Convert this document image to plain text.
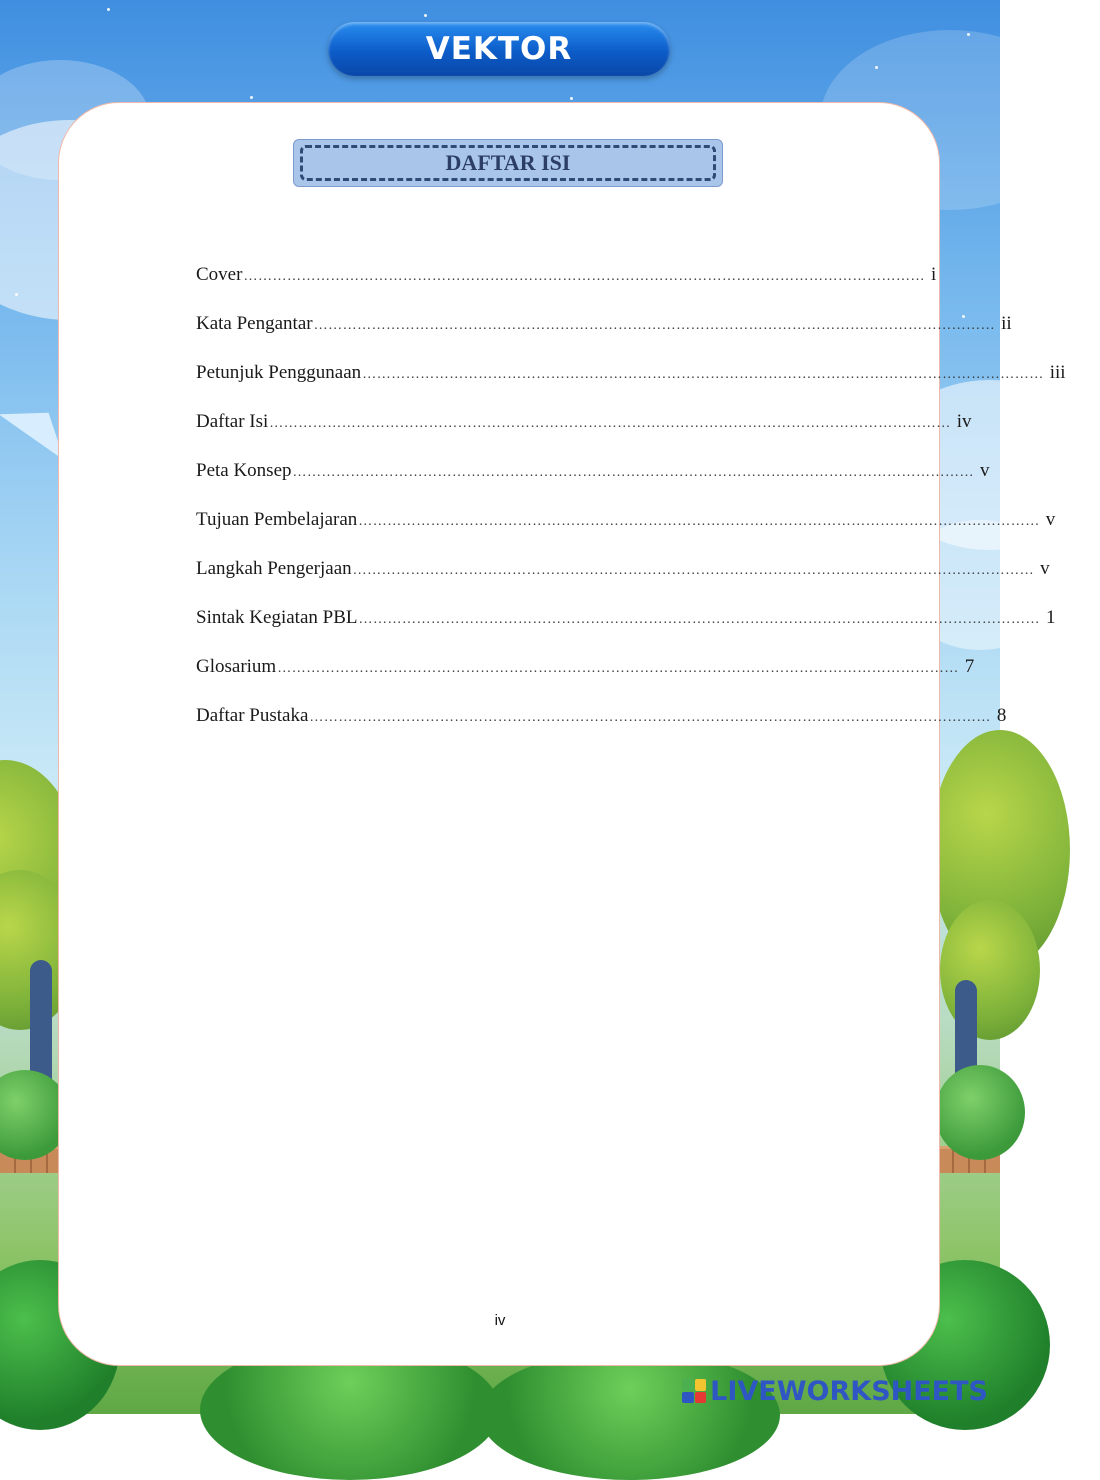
VEKTOR
DAFTAR ISI
Cover …………………………………………………………………………………………………………………………… i
Kata Pengantar …………………………………………………………………………………………………………………………… ii
Petunjuk Penggunaan …………………………………………………………………………………………………………………………… iii
Daftar Isi …………………………………………………………………………………………………………………………… iv
Peta Konsep …………………………………………………………………………………………………………………………… v
Tujuan Pembelajaran …………………………………………………………………………………………………………………………… v
Langkah Pengerjaan …………………………………………………………………………………………………………………………… v
Sintak Kegiatan PBL …………………………………………………………………………………………………………………………… 1
Glosarium …………………………………………………………………………………………………………………………… 7
Daftar Pustaka …………………………………………………………………………………………………………………………… 8
iv
LIVEWORKSHEETS
